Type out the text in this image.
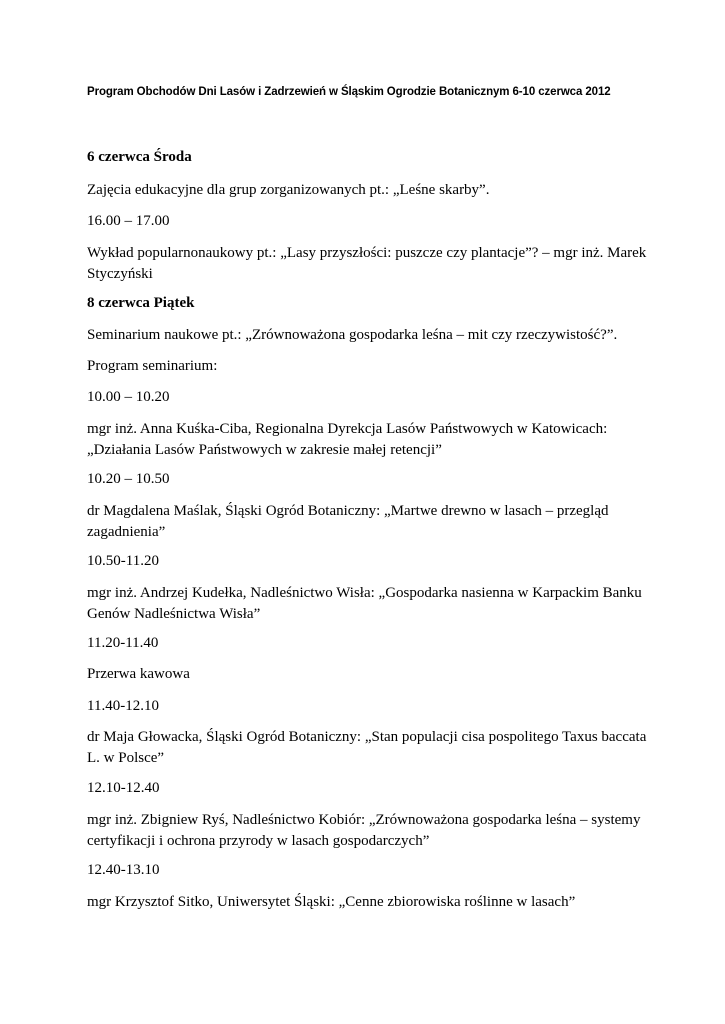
Program Obchodów Dni Lasów i Zadrzewień w Śląskim Ogrodzie Botanicznym 6-10 czerwca 2012
6 czerwca Środa
Zajęcia edukacyjne dla grup zorganizowanych pt.: „Leśne skarby”.
16.00 – 17.00
Wykład popularnonaukowy pt.: „Lasy przyszłości: puszcze czy plantacje”? – mgr inż. Marek Styczyński
8 czerwca Piątek
Seminarium naukowe pt.: „Zrównoważona gospodarka leśna – mit czy rzeczywistość?”.
Program seminarium:
10.00 – 10.20
mgr inż. Anna Kuśka-Ciba, Regionalna Dyrekcja Lasów Państwowych w Katowicach: „Działania Lasów Państwowych w zakresie małej retencji”
10.20 – 10.50
dr Magdalena Maślak, Śląski Ogród Botaniczny: „Martwe drewno w lasach – przegląd zagadnienia”
10.50-11.20
mgr inż. Andrzej Kudełka, Nadleśnictwo Wisła: „Gospodarka nasienna w Karpackim Banku Genów Nadleśnictwa Wisła”
11.20-11.40
Przerwa kawowa
11.40-12.10
dr Maja Głowacka, Śląski Ogród Botaniczny: „Stan populacji cisa pospolitego Taxus baccata L. w Polsce”
12.10-12.40
mgr inż. Zbigniew Ryś, Nadleśnictwo Kobiór: „Zrównoważona gospodarka leśna – systemy certyfikacji i ochrona przyrody w lasach gospodarczych”
12.40-13.10
mgr Krzysztof Sitko, Uniwersytet Śląski: „Cenne zbiorowiska roślinne w lasach”
